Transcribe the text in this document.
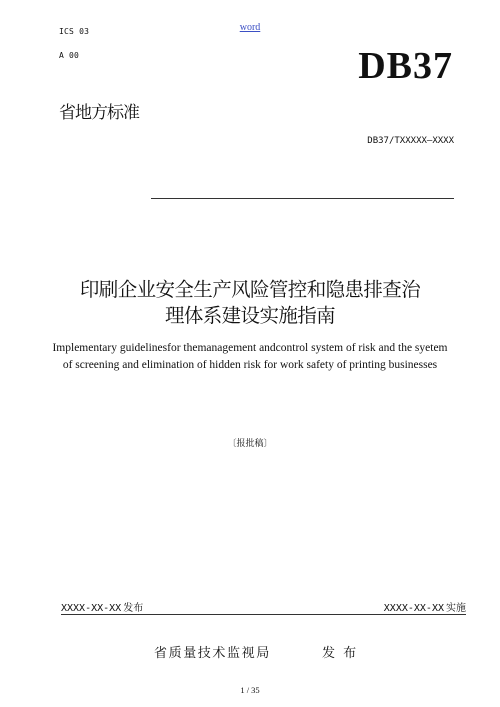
word
ICS 03
A 00	DB37
省地方标准
DB37/TXXXXX—XXXX
印刷企业安全生产风险管控和隐患排查治
理体系建设实施指南
Implementary guidelinesfor themanagement andcontrol system of risk and the syetem
of screening and elimination of hidden risk for work safety of printing businesses
〔报批稿〕
XXXX-XX-XX 发布	XXXX-XX-XX 实施
省质量技术监视局	发 布
1 / 35
